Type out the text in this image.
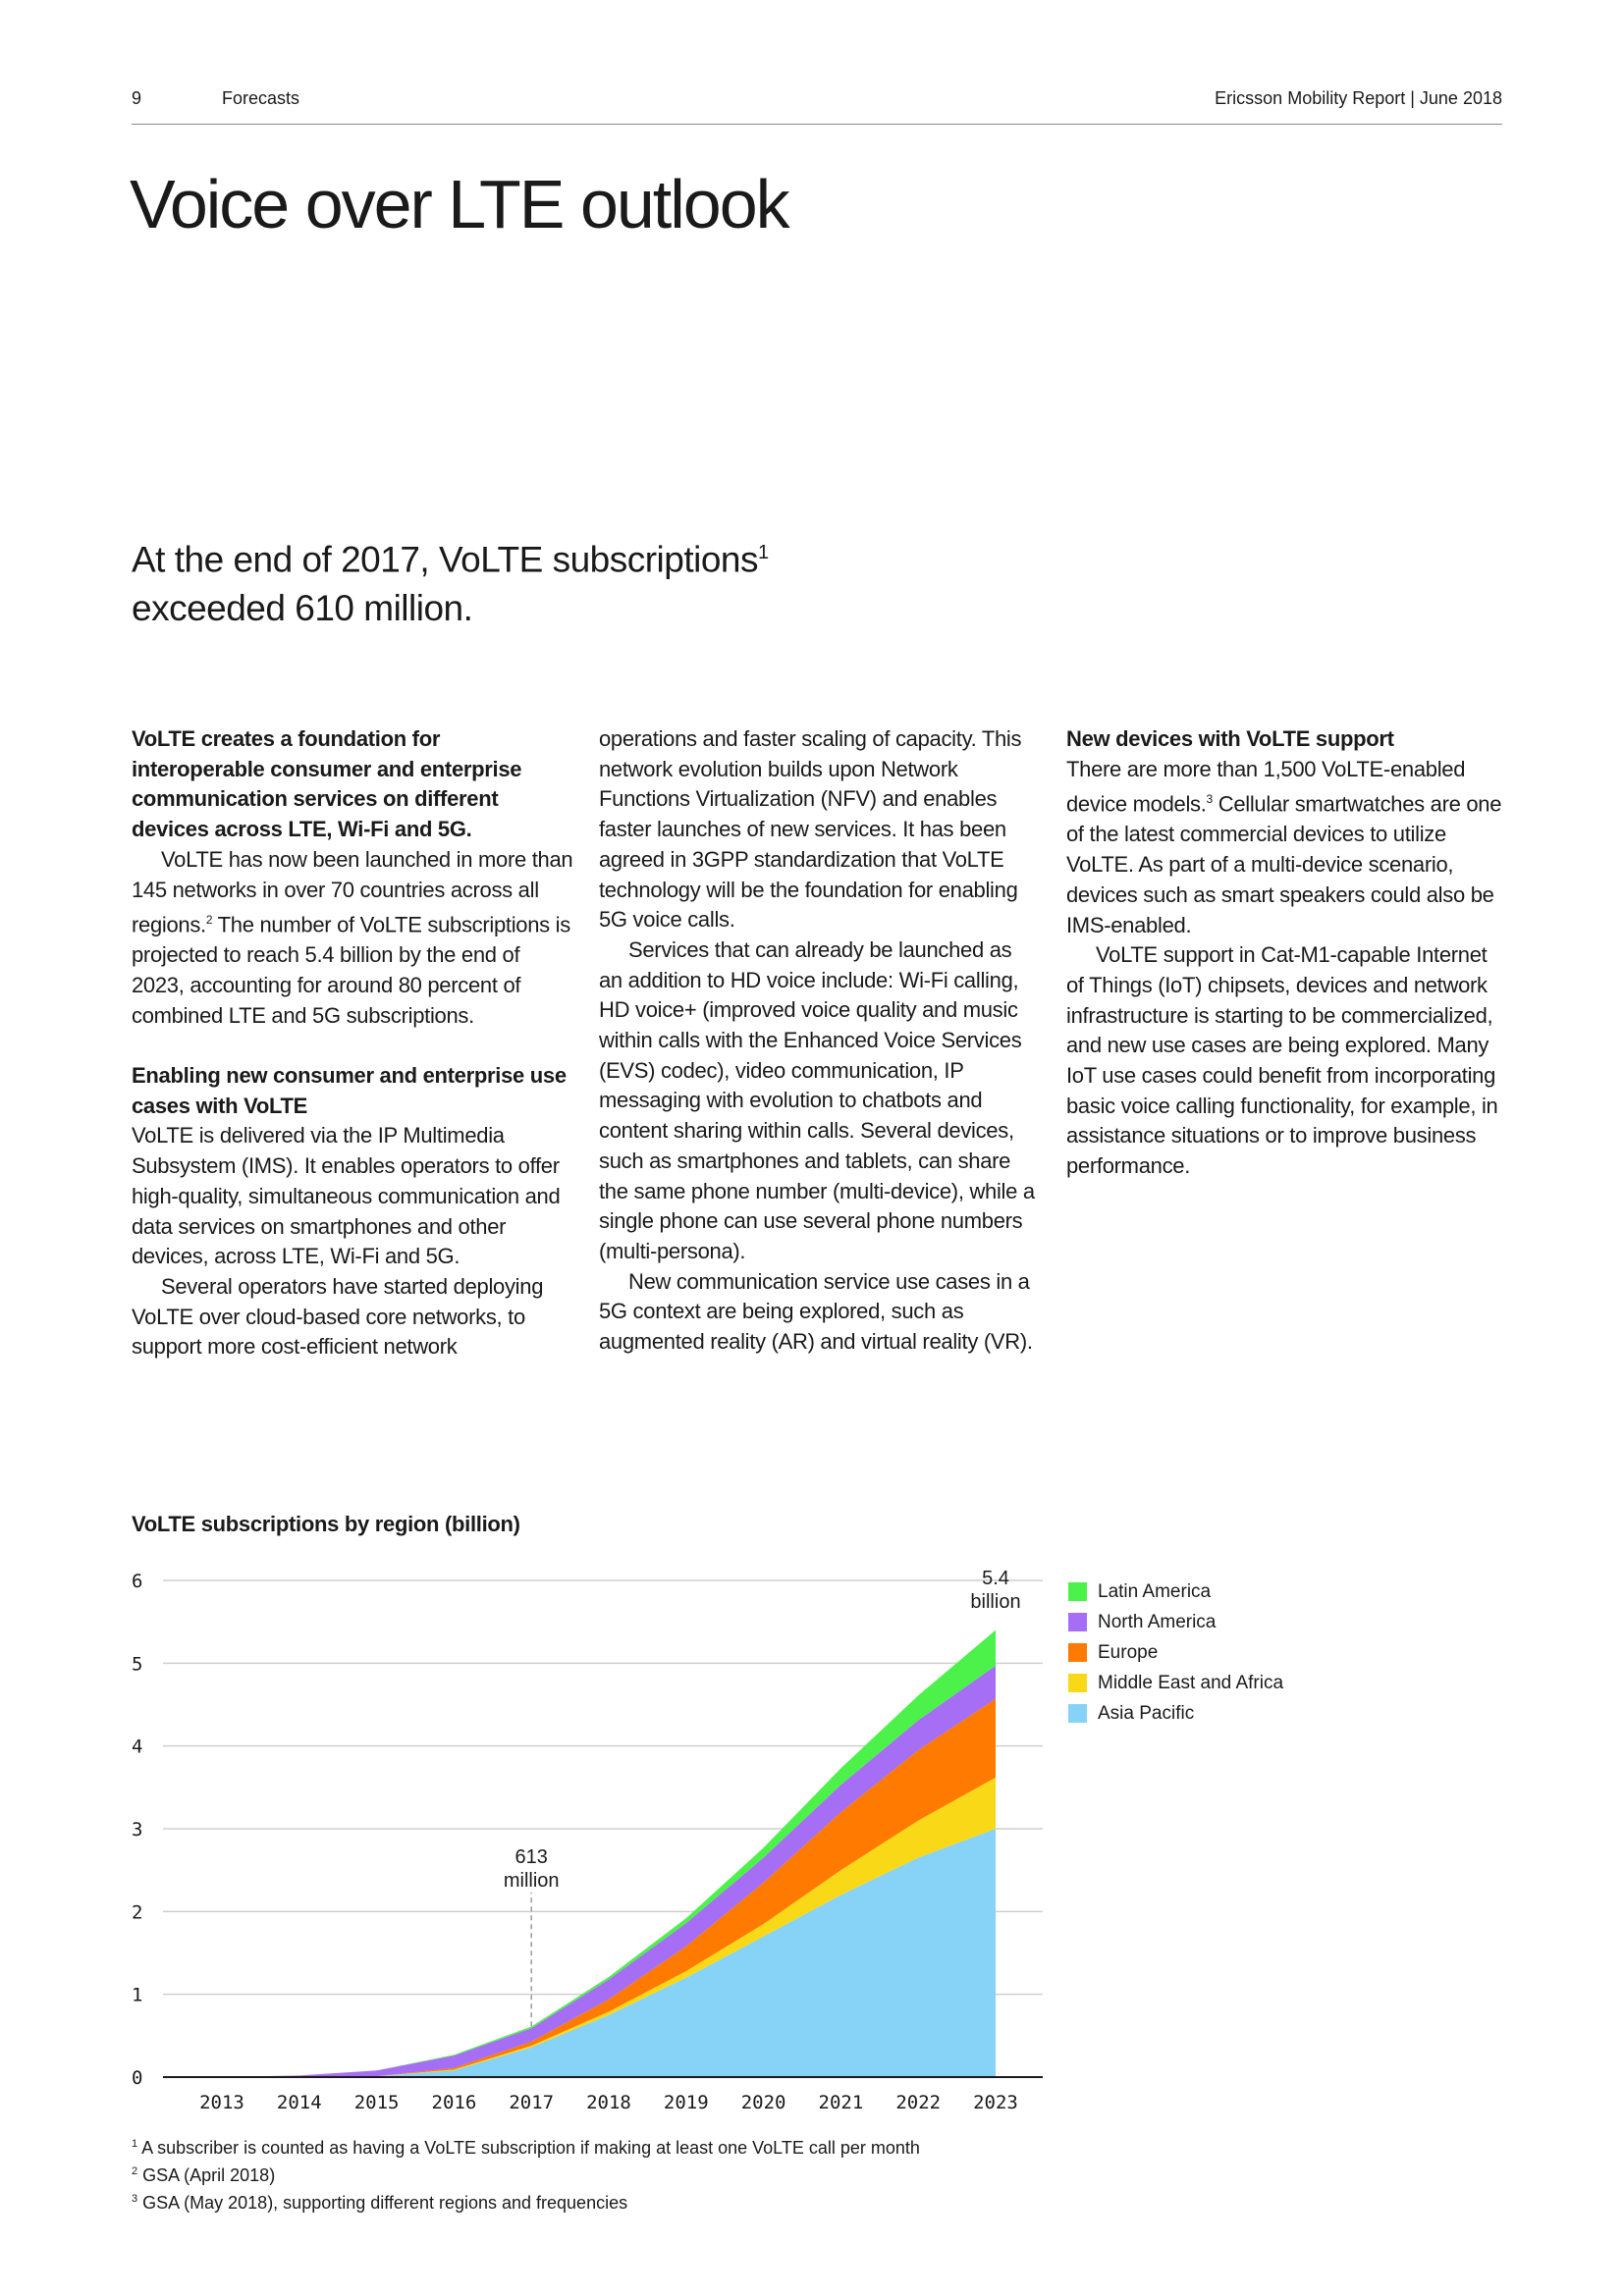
9	Forecasts	Ericsson Mobility Report | June 2018
Voice over LTE outlook

At the end of 2017, VoLTE subscriptions$^1$
exceeded 610 million.

VoLTE creates a foundation for interoperable consumer and enterprise communication services on different devices across LTE, Wi-Fi and 5G.

VoLTE has now been launched in more than 145 networks in over 70 countries across all regions.$^2$ The number of VoLTE subscriptions is projected to reach 5.4 billion by the end of 2023, accounting for around 80 percent of combined LTE and 5G subscriptions.

Enabling new consumer and enterprise use cases with VoLTE

VoLTE is delivered via the IP Multimedia Subsystem (IMS). It enables operators to offer high-quality, simultaneous communication and data services on smartphones and other devices, across LTE, Wi-Fi and 5G.

Several operators have started deploying VoLTE over cloud-based core networks, to support more cost-efficient network

operations and faster scaling of capacity. This network evolution builds upon Network Functions Virtualization (NFV) and enables faster launches of new services. It has been agreed in 3GPP standardization that VoLTE technology will be the foundation for enabling 5G voice calls.

Services that can already be launched as an addition to HD voice include: Wi-Fi calling, HD voice+ (improved voice quality and music within calls with the Enhanced Voice Services (EVS) codec), video communication, IP messaging with evolution to chatbots and content sharing within calls. Several devices, such as smartphones and tablets, can share the same phone number (multi-device), while a single phone can use several phone numbers (multi-persona).

New communication service use cases in a 5G context are being explored, such as augmented reality (AR) and virtual reality (VR).

New devices with VoLTE support

There are more than 1,500 VoLTE-enabled device models.$^3$ Cellular smartwatches are one of the latest commercial devices to utilize VoLTE. As part of a multi-device scenario, devices such as smart speakers could also be IMS-enabled.

VoLTE support in Cat-M1-capable Internet of Things (IoT) chipsets, devices and network infrastructure is starting to be commercialized, and new use cases are being explored. Many IoT use cases could benefit from incorporating basic voice calling functionality, for example, in assistance situations or to improve business performance.

VoLTE subscriptions by region (billion)
0
1
2
3
4
5
6
2013 2014 2015 2016 2017 2018 2019 2020 2021 2022 2023
613
million
5.4
billion	Latin America
North America
Europe
Middle East and Africa
Asia Pacific

$^1$ A subscriber is counted as having a VoLTE subscription if making at least one VoLTE call per month

$^2$ GSA (April 2018)

$^3$ GSA (May 2018), supporting different regions and frequencies
